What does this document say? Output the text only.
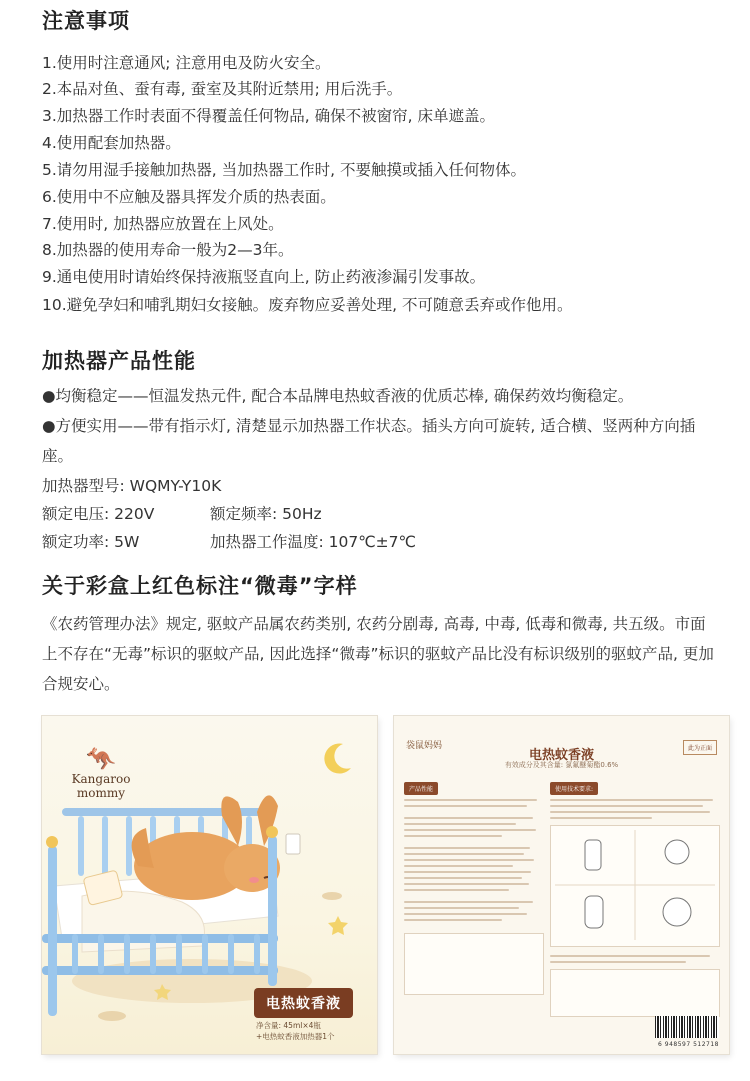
注意事项
1.使用时注意通风; 注意用电及防火安全。
2.本品对鱼、蚕有毒, 蚕室及其附近禁用; 用后洗手。
3.加热器工作时表面不得覆盖任何物品, 确保不被窗帘, 床单遮盖。
4.使用配套加热器。
5.请勿用湿手接触加热器, 当加热器工作时, 不要触摸或插入任何物体。
6.使用中不应触及器具挥发介质的热表面。
7.使用时, 加热器应放置在上风处。
8.加热器的使用寿命一般为2—3年。
9.通电使用时请始终保持液瓶竖直向上, 防止药液渗漏引发事故。
10.避免孕妇和哺乳期妇女接触。废弃物应妥善处理, 不可随意丢弃或作他用。
加热器产品性能
●均衡稳定——恒温发热元件, 配合本品牌电热蚊香液的优质芯棒, 确保药效均衡稳定。
●方便实用——带有指示灯, 清楚显示加热器工作状态。插头方向可旋转, 适合横、竖两种方向插座。
加热器型号: WQMY-Y10K
额定电压: 220V	额定频率: 50Hz
额定功率: 5W	加热器工作温度: 107℃±7℃
关于彩盒上红色标注“微毒”字样
《农药管理办法》规定, 驱蚊产品属农药类别, 农药分剧毒, 高毒, 中毒, 低毒和微毒, 共五级。市面上不存在“无毒”标识的驱蚊产品, 因此选择“微毒”标识的驱蚊产品比没有标识级别的驱蚊产品, 更加合规安心。
🦘
Kangaroo
mommy
电热蚊香液
净含量: 45ml×4瓶
+电热蚊香液加热器1个
袋鼠妈妈
电热蚊香液
有效成分及其含量: 氯氟醚菊酯0.6%
此为正面
产品性能	使用技术要求:
6 948597 512718
